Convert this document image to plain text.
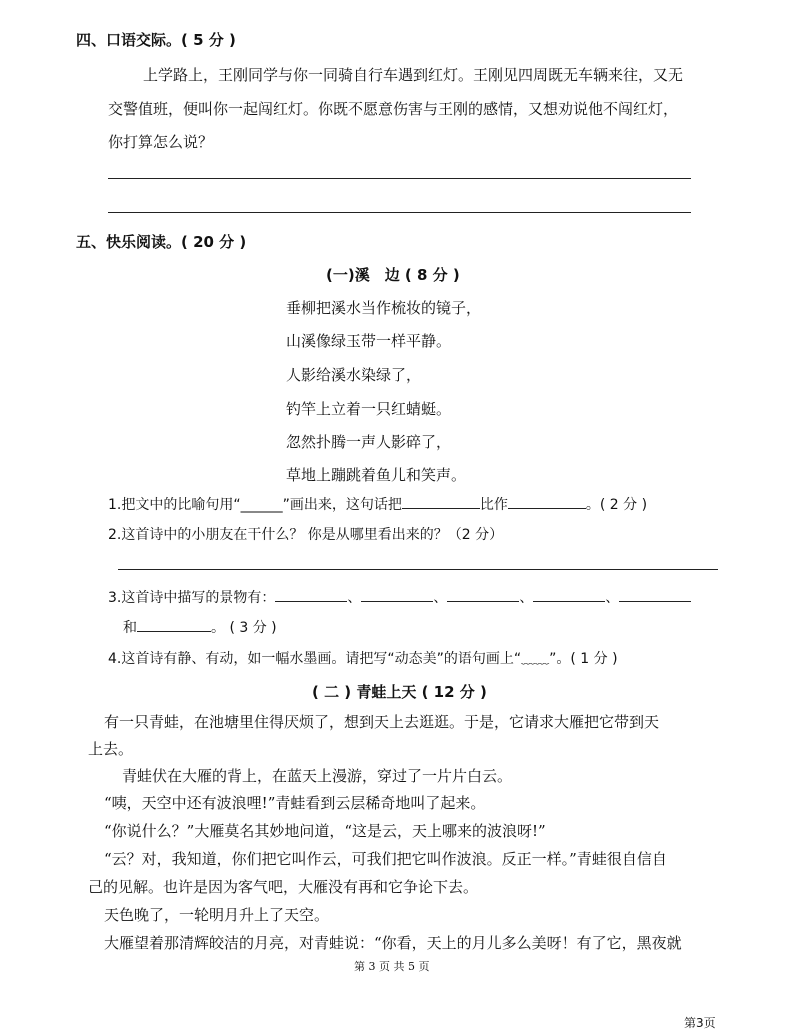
四、口语交际。( 5 分 )
上学路上，王刚同学与你一同骑自行车遇到红灯。王刚见四周既无车辆来往，又无
交警值班，便叫你一起闯红灯。你既不愿意伤害与王刚的感情，又想劝说他不闯红灯，
你打算怎么说？
五、快乐阅读。( 20 分 )
(一)溪　边 ( 8 分 )
垂柳把溪水当作梳妆的镜子，
山溪像绿玉带一样平静。
人影给溪水染绿了，
钓竿上立着一只红蜻蜓。
忽然扑腾一声人影碎了，
草地上蹦跳着鱼儿和笑声。
1.把文中的比喻句用“______”画出来，这句话把	比作	。( 2 分 )
2.这首诗中的小朋友在干什么？ 你是从哪里看出来的？（2 分）
3.这首诗中描写的景物有：	、	、	、	、
和	。 ( 3 分 )
4.这首诗有静、有动，如一幅水墨画。请把写“动态美”的语句画上“﹏﹏”。( 1 分 )
( 二 ) 青蛙上天 ( 12 分 )
有一只青蛙，在池塘里住得厌烦了，想到天上去逛逛。于是，它请求大雁把它带到天
上去。
青蛙伏在大雁的背上，在蓝天上漫游，穿过了一片片白云。
“咦，天空中还有波浪哩!”青蛙看到云层稀奇地叫了起来。
“你说什么？”大雁莫名其妙地问道，“这是云，天上哪来的波浪呀!”
“云？对，我知道，你们把它叫作云，可我们把它叫作波浪。反正一样。”青蛙很自信自
己的见解。也许是因为客气吧，大雁没有再和它争论下去。
天色晚了，一轮明月升上了天空。
大雁望着那清辉皎洁的月亮，对青蛙说：“你看，天上的月儿多么美呀！有了它，黑夜就
第 3 页 共 5 页
第3页
